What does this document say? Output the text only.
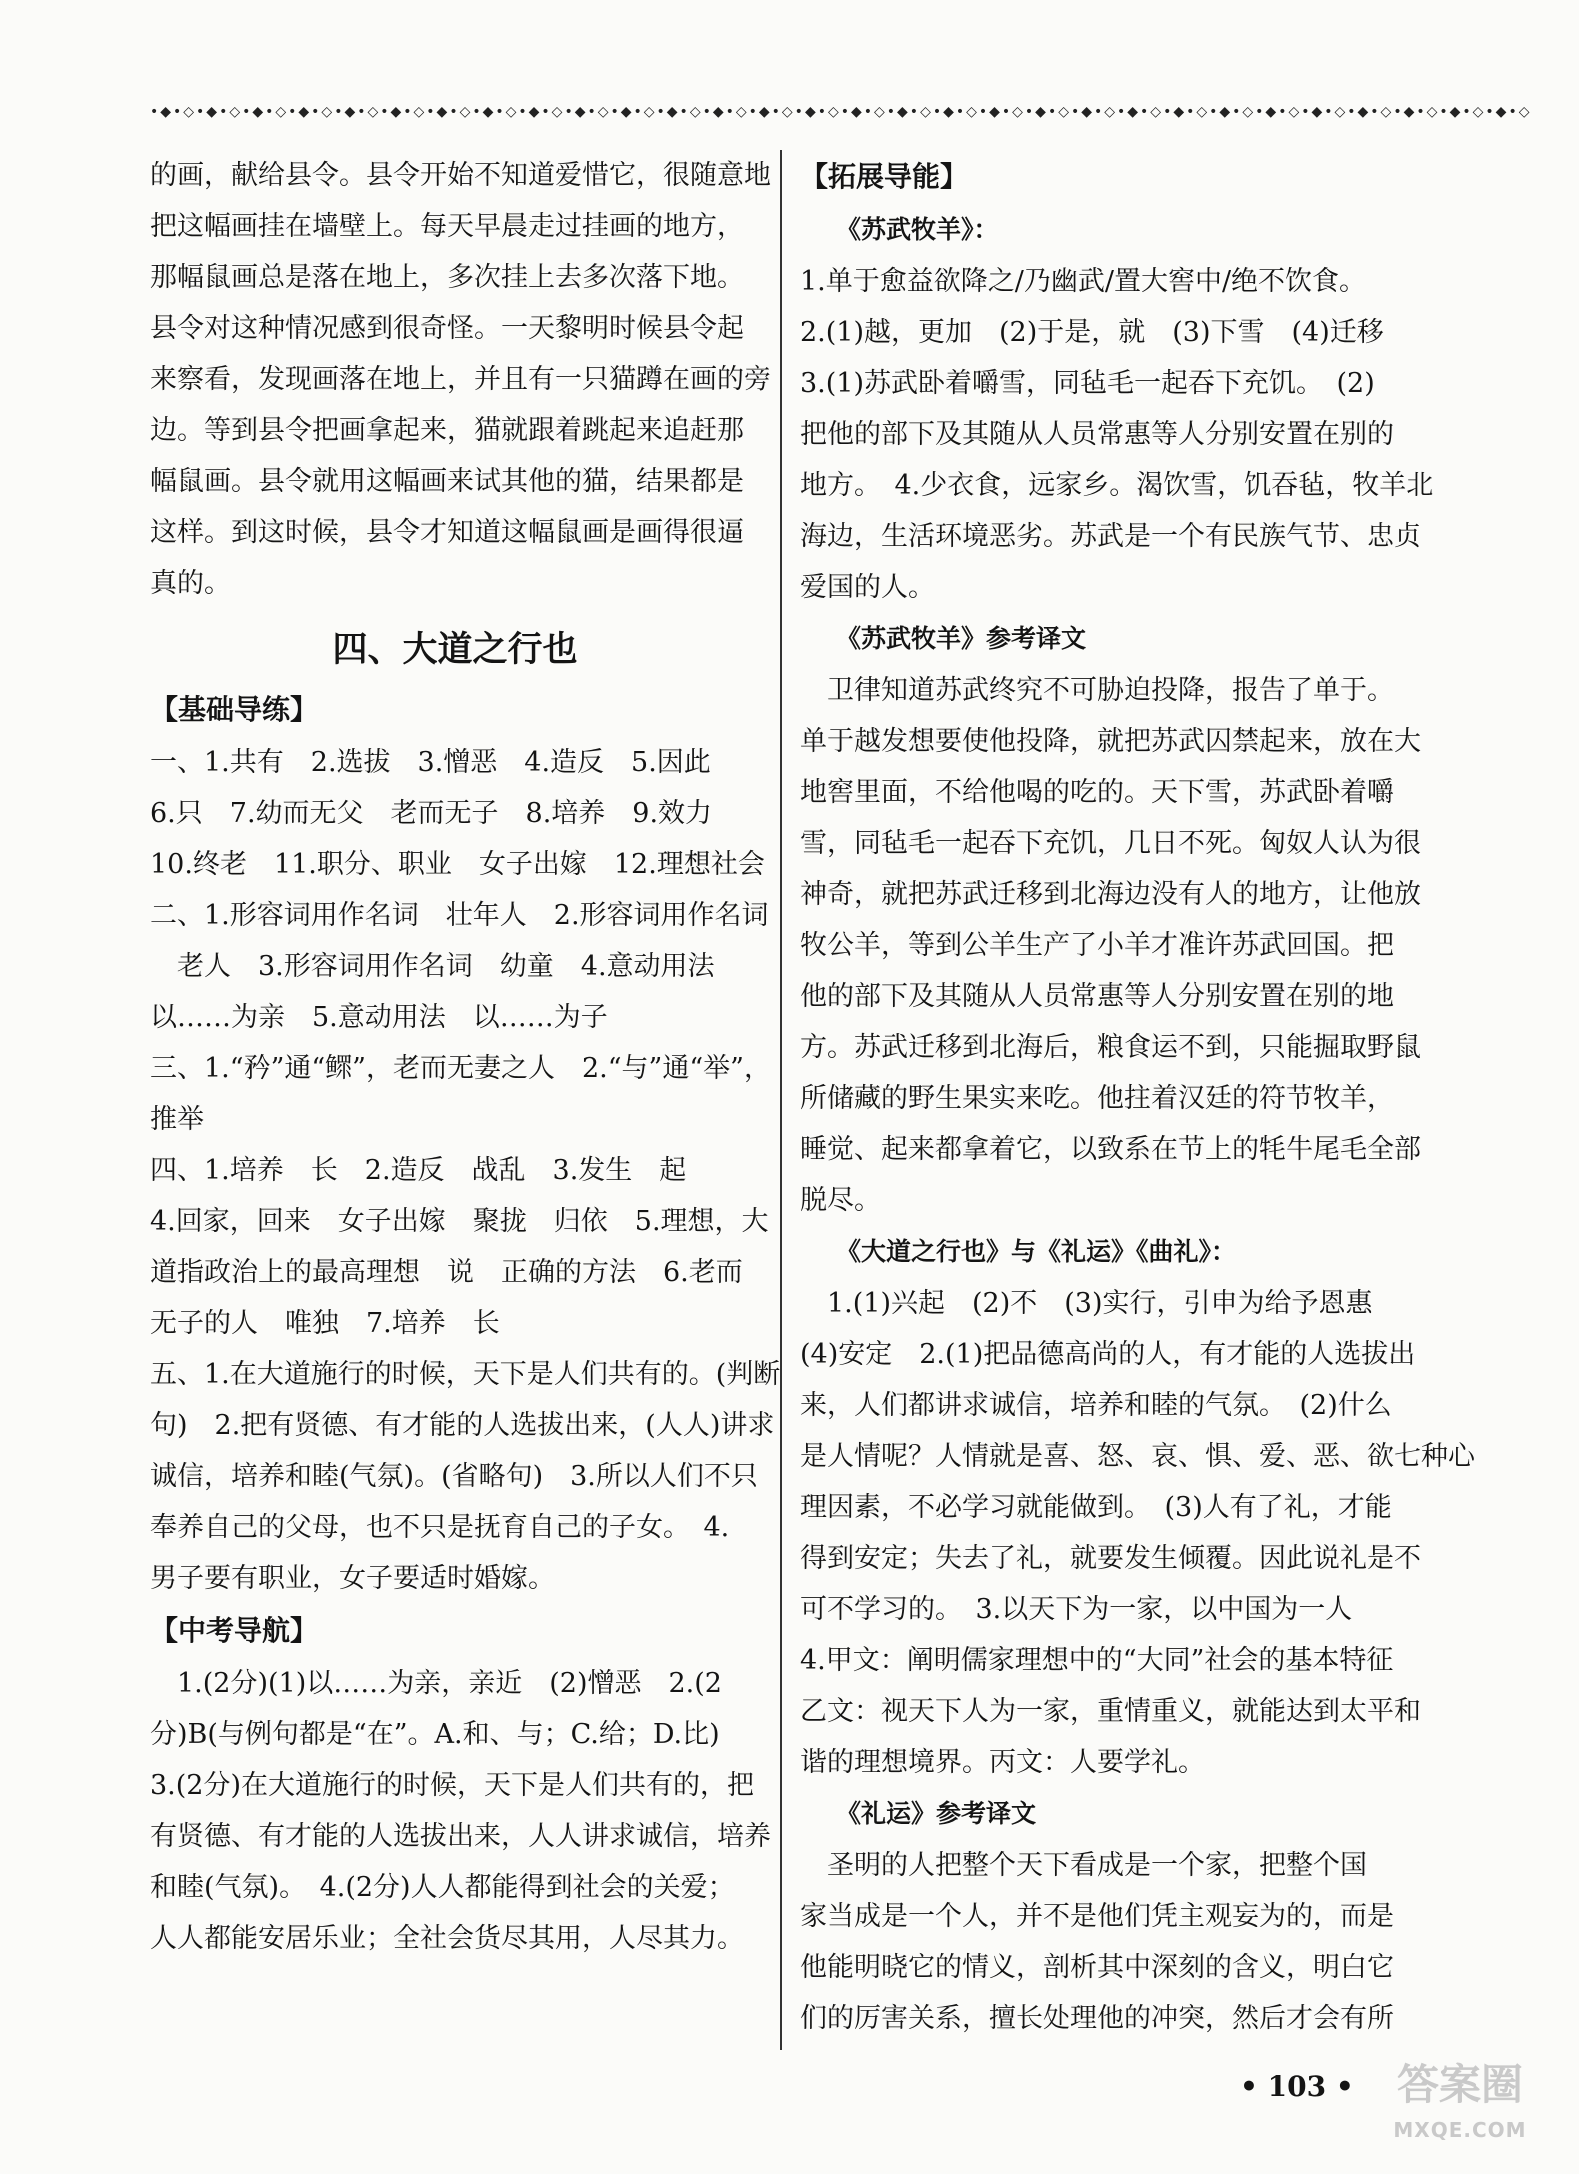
•◆•◇•◆•◇•◆•◇•◆•◇•◆•◇•◆•◇•◆•◇•◆•◇•◆•◇•◆•◇•◆•◇•◆•◇•◆•◇•◆•◇•◆•◇•◆•◇•◆•◇•◆•◇•◆•◇•◆•◇•◆•◇•◆•◇•◆•◇•◆•◇•◆•◇•◆•◇•◆•◇•◆•◇•◆•◇•◆•◇
的画，献给县令。县令开始不知道爱惜它，很随意地
把这幅画挂在墙壁上。每天早晨走过挂画的地方，
那幅鼠画总是落在地上，多次挂上去多次落下地。
县令对这种情况感到很奇怪。一天黎明时候县令起
来察看，发现画落在地上，并且有一只猫蹲在画的旁
边。等到县令把画拿起来，猫就跟着跳起来追赶那
幅鼠画。县令就用这幅画来试其他的猫，结果都是
这样。到这时候，县令才知道这幅鼠画是画得很逼
真的。
四、大道之行也
【基础导练】
一、1.共有　2.选拔　3.憎恶　4.造反　5.因此
6.只　7.幼而无父　老而无子　8.培养　9.效力
10.终老　11.职分、职业　女子出嫁　12.理想社会
二、1.形容词用作名词　壮年人　2.形容词用作名词
　老人　3.形容词用作名词　幼童　4.意动用法
以……为亲　5.意动用法　以……为子
三、1.“矜”通“鳏”，老而无妻之人　2.“与”通“举”，
推举
四、1.培养　长　2.造反　战乱　3.发生　起
4.回家，回来　女子出嫁　聚拢　归依　5.理想，大
道指政治上的最高理想　说　正确的方法　6.老而
无子的人　唯独　7.培养　长
五、1.在大道施行的时候，天下是人们共有的。(判断
句)　2.把有贤德、有才能的人选拔出来，(人人)讲求
诚信，培养和睦(气氛)。(省略句)　3.所以人们不只
奉养自己的父母，也不只是抚育自己的子女。　4.
男子要有职业，女子要适时婚嫁。
【中考导航】
　1.(2分)(1)以……为亲，亲近　(2)憎恶　2.(2
分)B(与例句都是“在”。A.和、与；C.给；D.比)
3.(2分)在大道施行的时候，天下是人们共有的，把
有贤德、有才能的人选拔出来，人人讲求诚信，培养
和睦(气氛)。　4.(2分)人人都能得到社会的关爱；
人人都能安居乐业；全社会货尽其用，人尽其力。
【拓展导能】
《苏武牧羊》：
1.单于愈益欲降之/乃幽武/置大窖中/绝不饮食。
2.(1)越，更加　(2)于是，就　(3)下雪　(4)迁移
3.(1)苏武卧着嚼雪，同毡毛一起吞下充饥。　(2)
把他的部下及其随从人员常惠等人分别安置在别的
地方。　4.少衣食，远家乡。渴饮雪，饥吞毡，牧羊北
海边，生活环境恶劣。苏武是一个有民族气节、忠贞
爱国的人。
《苏武牧羊》参考译文
　卫律知道苏武终究不可胁迫投降，报告了单于。
单于越发想要使他投降，就把苏武囚禁起来，放在大
地窖里面，不给他喝的吃的。天下雪，苏武卧着嚼
雪，同毡毛一起吞下充饥，几日不死。匈奴人认为很
神奇，就把苏武迁移到北海边没有人的地方，让他放
牧公羊，等到公羊生产了小羊才准许苏武回国。把
他的部下及其随从人员常惠等人分别安置在别的地
方。苏武迁移到北海后，粮食运不到，只能掘取野鼠
所储藏的野生果实来吃。他拄着汉廷的符节牧羊，
睡觉、起来都拿着它，以致系在节上的牦牛尾毛全部
脱尽。
《大道之行也》与《礼运》《曲礼》：
　1.(1)兴起　(2)不　(3)实行，引申为给予恩惠
(4)安定　2.(1)把品德高尚的人，有才能的人选拔出
来，人们都讲求诚信，培养和睦的气氛。　(2)什么
是人情呢？人情就是喜、怒、哀、惧、爱、恶、欲七种心
理因素，不必学习就能做到。　(3)人有了礼，才能
得到安定；失去了礼，就要发生倾覆。因此说礼是不
可不学习的。　3.以天下为一家，以中国为一人
4.甲文：阐明儒家理想中的“大同”社会的基本特征
乙文：视天下人为一家，重情重义，就能达到太平和
谐的理想境界。丙文：人要学礼。
《礼运》参考译文
　圣明的人把整个天下看成是一个家，把整个国
家当成是一个人，并不是他们凭主观妄为的，而是
他能明晓它的情义，剖析其中深刻的含义，明白它
们的厉害关系，擅长处理他的冲突，然后才会有所
• 103 •	答案圈
MXQE.COM
